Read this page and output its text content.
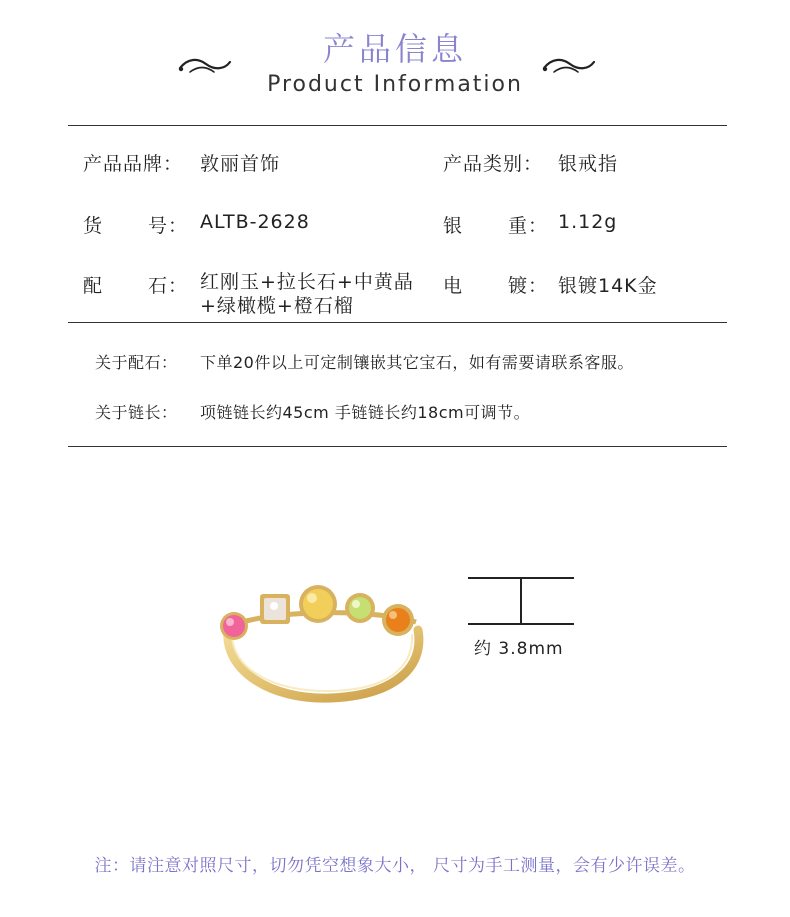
产品信息
Product Information
产品品牌： 敦丽首饰	产品类别： 银戒指
货 号： ALTB-2628	银 重： 1.12g
配 石： 红刚玉+拉长石+中黄晶
+绿橄榄+橙石榴
电 镀： 银镀14K金
关于配石： 下单20件以上可定制镶嵌其它宝石，如有需要请联系客服。
关于链长： 项链链长约45cm 手链链长约18cm可调节。
约 3.8mm
注：请注意对照尺寸，切勿凭空想象大小， 尺寸为手工测量，会有少许误差。
